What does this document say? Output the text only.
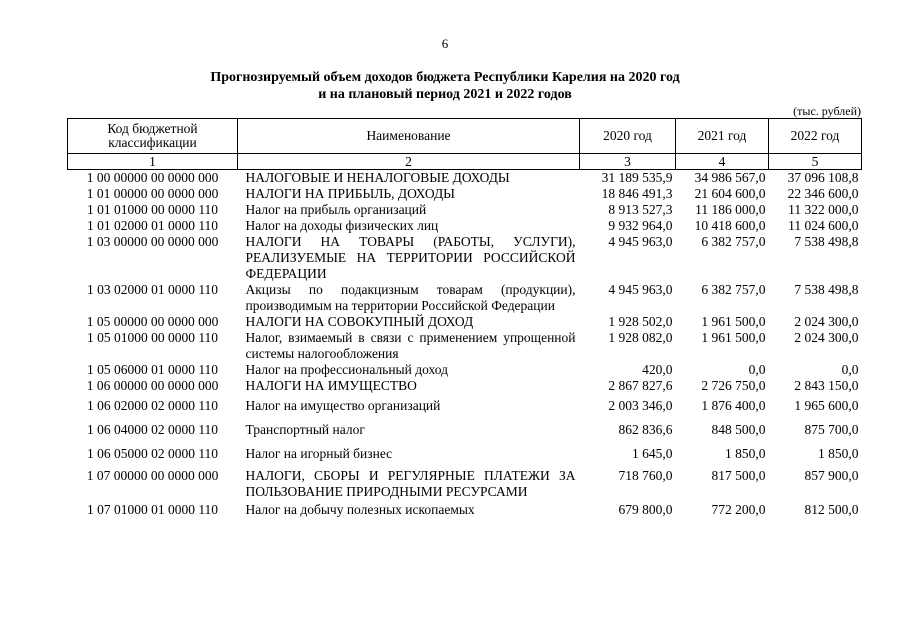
6
Прогнозируемый объем доходов бюджета Республики Карелия на 2020 год
и на плановый период 2021 и 2022 годов
(тыс. рублей)
Код бюджетной классификации	Наименование	2020 год	2021 год	2022 год
1	2	3	4	5
1 00 00000 00 0000 000	НАЛОГОВЫЕ И НЕНАЛОГОВЫЕ ДОХОДЫ	31 189 535,9	34 986 567,0	37 096 108,8
1 01 00000 00 0000 000	НАЛОГИ НА ПРИБЫЛЬ, ДОХОДЫ	18 846 491,3	21 604 600,0	22 346 600,0
1 01 01000 00 0000 110	Налог на прибыль организаций	8 913 527,3	11 186 000,0	11 322 000,0
1 01 02000 01 0000 110	Налог на доходы физических лиц	9 932 964,0	10 418 600,0	11 024 600,0
1 03 00000 00 0000 000	НАЛОГИ НА ТОВАРЫ (РАБОТЫ, УСЛУГИ), РЕАЛИЗУЕМЫЕ НА ТЕРРИТОРИИ РОССИЙСКОЙ ФЕДЕРАЦИИ	4 945 963,0	6 382 757,0	7 538 498,8
1 03 02000 01 0000 110	Акцизы по подакцизным товарам (продукции), производимым на территории Российской Федерации	4 945 963,0	6 382 757,0	7 538 498,8
1 05 00000 00 0000 000	НАЛОГИ НА СОВОКУПНЫЙ ДОХОД	1 928 502,0	1 961 500,0	2 024 300,0
1 05 01000 00 0000 110	Налог, взимаемый в связи с применением упрощенной системы налогообложения	1 928 082,0	1 961 500,0	2 024 300,0
1 05 06000 01 0000 110	Налог на профессиональный доход	420,0	0,0	0,0
1 06 00000 00 0000 000	НАЛОГИ НА ИМУЩЕСТВО	2 867 827,6	2 726 750,0	2 843 150,0
1 06 02000 02 0000 110	Налог на имущество организаций	2 003 346,0	1 876 400,0	1 965 600,0
1 06 04000 02 0000 110	Транспортный налог	862 836,6	848 500,0	875 700,0
1 06 05000 02 0000 110	Налог на игорный бизнес	1 645,0	1 850,0	1 850,0
1 07 00000 00 0000 000	НАЛОГИ, СБОРЫ И РЕГУЛЯРНЫЕ ПЛАТЕЖИ ЗА ПОЛЬЗОВАНИЕ ПРИРОДНЫМИ РЕСУРСАМИ	718 760,0	817 500,0	857 900,0
1 07 01000 01 0000 110	Налог на добычу полезных ископаемых	679 800,0	772 200,0	812 500,0
